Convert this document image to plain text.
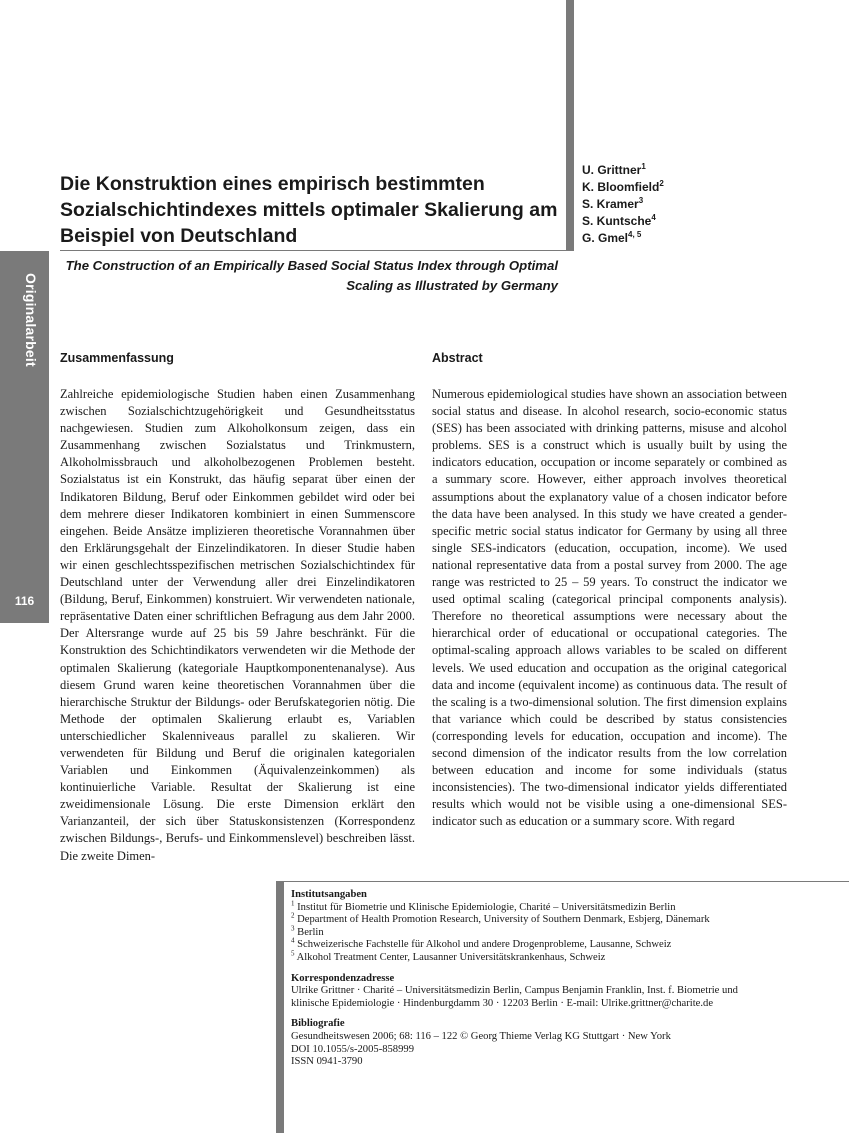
Originalarbeit
116
Die Konstruktion eines empirisch bestimmten Sozialschichtindexes mittels optimaler Skalierung am Beispiel von Deutschland
The Construction of an Empirically Based Social Status Index through Optimal Scaling as Illustrated by Germany
U. Grittner$^1$
K. Bloomfield$^2$
S. Kramer$^3$
S. Kuntsche$^4$
G. Gmel$^{4, 5}$
Zusammenfassung

Zahlreiche epidemiologische Studien haben einen Zusammenhang zwischen Sozialschichtzugehörigkeit und Gesundheitsstatus nachgewiesen. Studien zum Alkoholkonsum zeigen, dass ein Zusammenhang zwischen Sozialstatus und Trinkmustern, Alkoholmissbrauch und alkoholbezogenen Problemen besteht. Sozialstatus ist ein Konstrukt, das häufig separat über einen der Indikatoren Bildung, Beruf oder Einkommen gebildet wird oder bei dem mehrere dieser Indikatoren kombiniert in einen Summenscore eingehen. Beide Ansätze implizieren theoretische Vorannahmen über den Erklärungsgehalt der Einzelindikatoren. In dieser Studie haben wir einen geschlechtsspezifischen metrischen Sozialschichtindex für Deutschland unter der Verwendung aller drei Einzelindikatoren (Bildung, Beruf, Einkommen) konstruiert. Wir verwendeten nationale, repräsentative Daten einer schriftlichen Befragung aus dem Jahr 2000. Der Altersrange wurde auf 25 bis 59 Jahre beschränkt. Für die Konstruktion des Schichtindikators verwendeten wir die Methode der optimalen Skalierung (kategoriale Hauptkomponentenanalyse). Aus diesem Grund waren keine theoretischen Vorannahmen über die hierarchische Struktur der Bildungs- oder Berufskategorien nötig. Die Methode der optimalen Skalierung erlaubt es, Variablen unterschiedlicher Skalenniveaus parallel zu skalieren. Wir verwendeten für Bildung und Beruf die originalen kategorialen Variablen und Einkommen (Äquivalenzeinkommen) als kontinuierliche Variable. Resultat der Skalierung ist eine zweidimensionale Lösung. Die erste Dimension erklärt den Varianzanteil, der sich über Statuskonsistenzen (Korrespondenz zwischen Bildungs-, Berufs- und Einkommenslevel) beschreiben lässt. Die zweite Dimen-

Abstract

Numerous epidemiological studies have shown an association between social status and disease. In alcohol research, socio-economic status (SES) has been associated with drinking patterns, misuse and alcohol problems. SES is a construct which is usually built by using the indicators education, occupation or income separately or combined as a summary score. However, either approach involves theoretical assumptions about the explanatory value of a chosen indicator before the data have been analysed. In this study we have created a gender-specific metric social status indicator for Germany by using all three single SES-indicators (education, occupation, income). We used national representative data from a postal survey from 2000. The age range was restricted to 25 – 59 years. To construct the indicator we used optimal scaling (categorical principal components analysis). Therefore no theoretical assumptions were necessary about the hierarchical order of educational or occupational categories. The optimal-scaling approach allows variables to be scaled on different levels. We used education and occupation as the original categorical data and income (equivalent income) as continuous data. The result of the scaling is a two-dimensional solution. The first dimension explains that variance which could be described by status consistencies (corresponding levels for education, occupation and income). The second dimension of the indicator results from the low correlation between education and income for some individuals (status inconsistencies). The two-dimensional indicator yields differentiated results which would not be visible using a one-dimensional SES-indicator such as education or a summary score. With regard

Institutsangaben
$^1$ Institut für Biometrie und Klinische Epidemiologie, Charité – Universitätsmedizin Berlin
$^2$ Department of Health Promotion Research, University of Southern Denmark, Esbjerg, Dänemark
$^3$ Berlin
$^4$ Schweizerische Fachstelle für Alkohol und andere Drogenprobleme, Lausanne, Schweiz
$^5$ Alkohol Treatment Center, Lausanner Universitätskrankenhaus, Schweiz
Korrespondenzadresse
Ulrike Grittner · Charité – Universitätsmedizin Berlin, Campus Benjamin Franklin, Inst. f. Biometrie und
klinische Epidemiologie · Hindenburgdamm 30 · 12203 Berlin · E-mail: Ulrike.grittner@charite.de
Bibliografie
Gesundheitswesen 2006; 68: 116 – 122 © Georg Thieme Verlag KG Stuttgart · New York
DOI 10.1055/s-2005-858999
ISSN 0941-3790
